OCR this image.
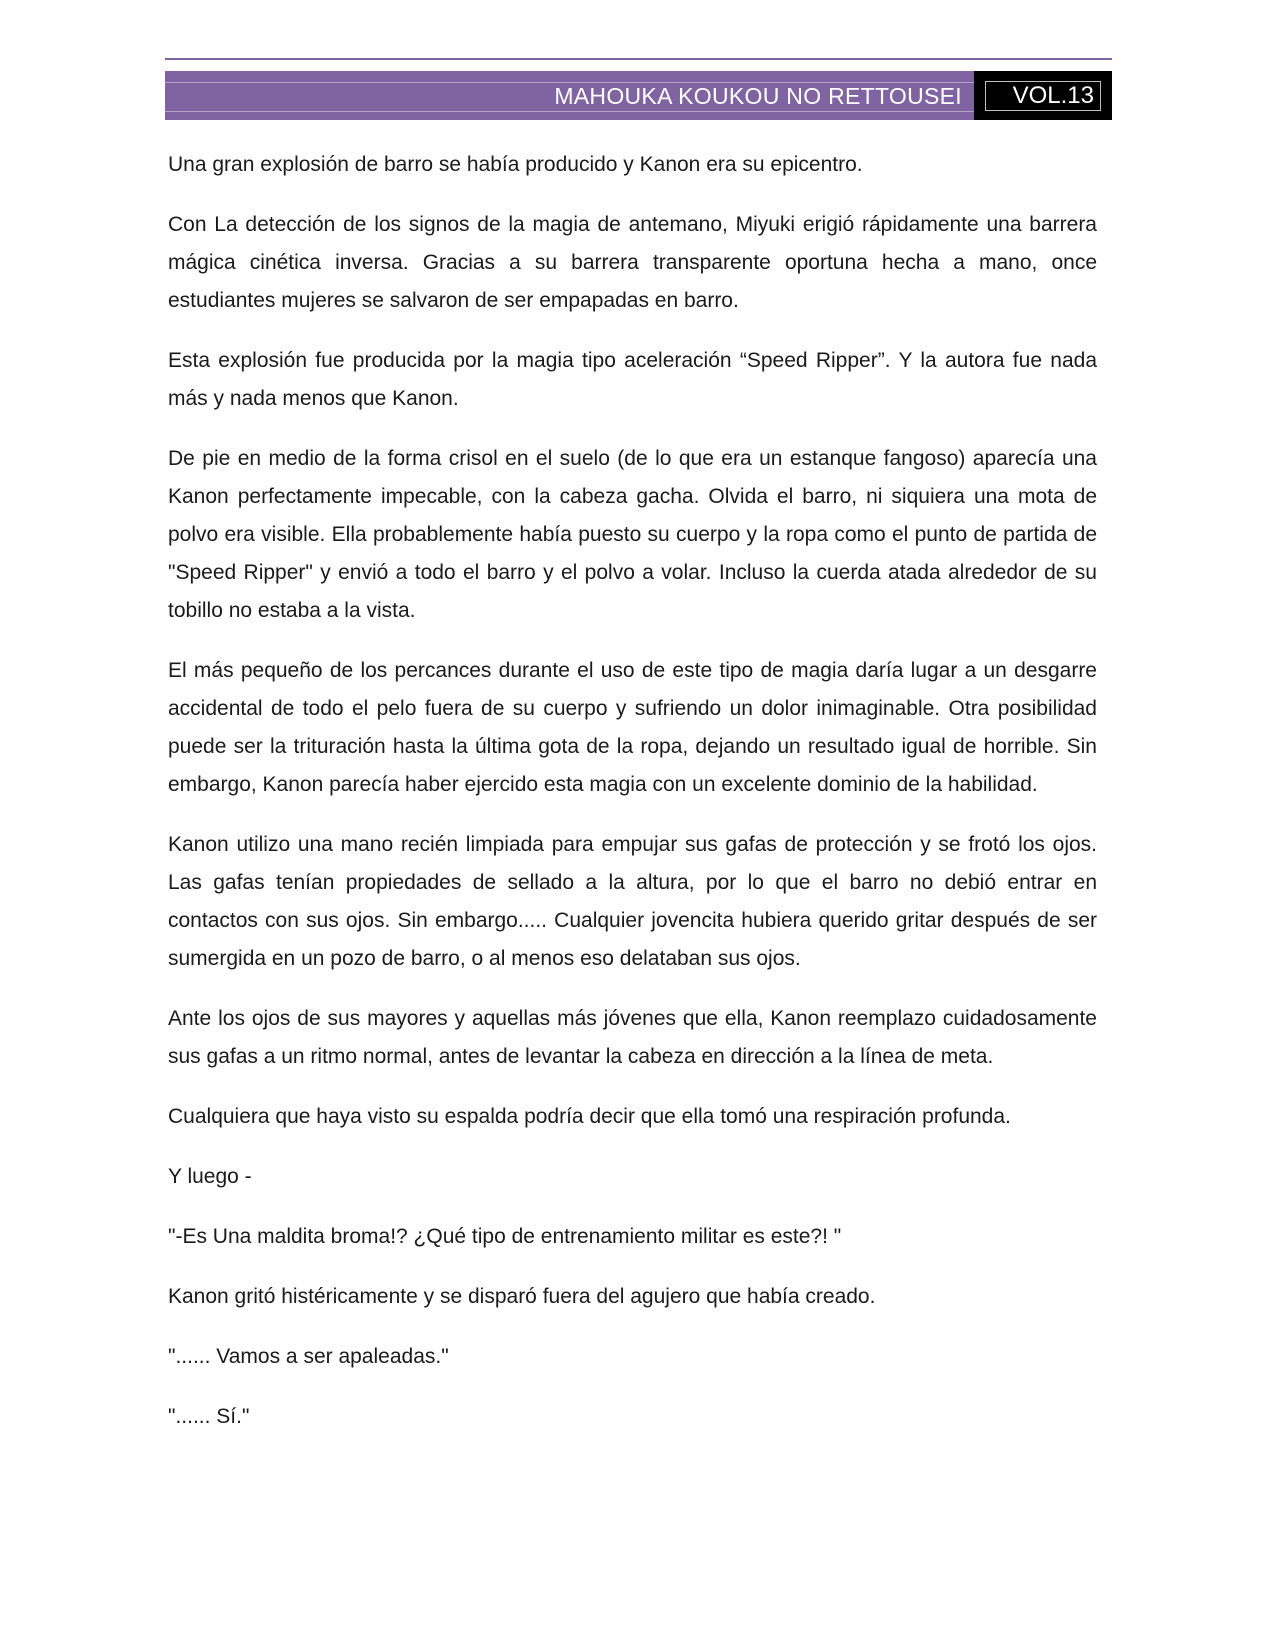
MAHOUKA KOUKOU NO RETTOUSEI VOL.13

Una gran explosión de barro se había producido y Kanon era su epicentro.

Con La detección de los signos de la magia de antemano, Miyuki erigió rápidamente una barrera mágica cinética inversa. Gracias a su barrera transparente oportuna hecha a mano, once estudiantes mujeres se salvaron de ser empapadas en barro.

Esta explosión fue producida por la magia tipo aceleración “Speed Ripper”. Y la autora fue nada más y nada menos que Kanon.

De pie en medio de la forma crisol en el suelo (de lo que era un estanque fangoso) aparecía una Kanon perfectamente impecable, con la cabeza gacha. Olvida el barro, ni siquiera una mota de polvo era visible. Ella probablemente había puesto su cuerpo y la ropa como el punto de partida de "Speed Ripper" y envió a todo el barro y el polvo a volar. Incluso la cuerda atada alrededor de su tobillo no estaba a la vista.

El más pequeño de los percances durante el uso de este tipo de magia daría lugar a un desgarre accidental de todo el pelo fuera de su cuerpo y sufriendo un dolor inimaginable. Otra posibilidad puede ser la trituración hasta la última gota de la ropa, dejando un resultado igual de horrible. Sin embargo, Kanon parecía haber ejercido esta magia con un excelente dominio de la habilidad.

Kanon utilizo una mano recién limpiada para empujar sus gafas de protección y se frotó los ojos. Las gafas tenían propiedades de sellado a la altura, por lo que el barro no debió entrar en contactos con sus ojos. Sin embargo..... Cualquier jovencita hubiera querido gritar después de ser sumergida en un pozo de barro, o al menos eso delataban sus ojos.

Ante los ojos de sus mayores y aquellas más jóvenes que ella, Kanon reemplazo cuidadosamente sus gafas a un ritmo normal, antes de levantar la cabeza en dirección a la línea de meta.

Cualquiera que haya visto su espalda podría decir que ella tomó una respiración profunda.

Y luego -

"-Es Una maldita broma!? ¿Qué tipo de entrenamiento militar es este?! "

Kanon gritó histéricamente y se disparó fuera del agujero que había creado.

"...... Vamos a ser apaleadas."

"...... Sí."
